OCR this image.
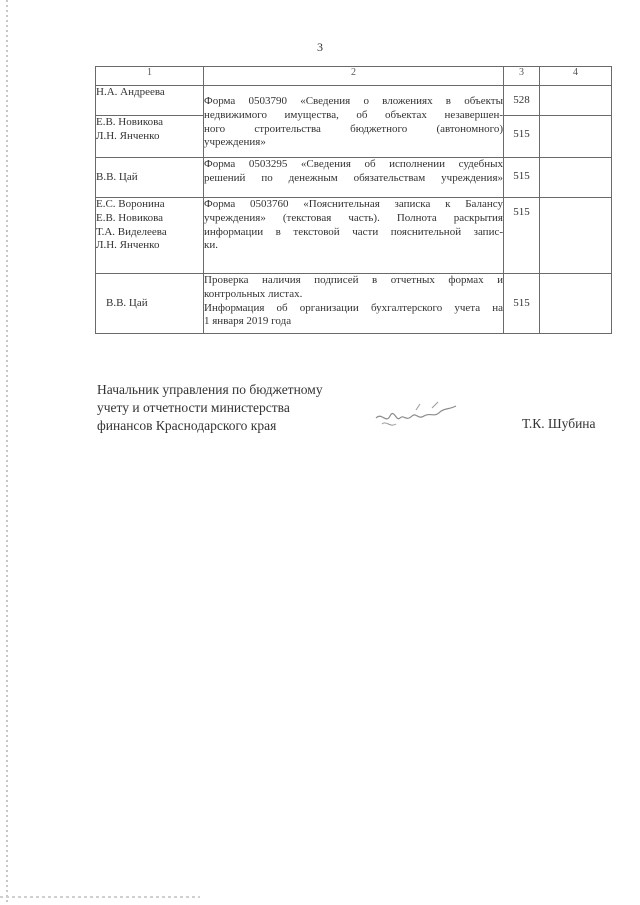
3
1	2	3	4

Н.А. Андреева	Форма 0503790 «Сведения о вложениях в объекты
недвижимого имущества, об объектах незавершен-
ного строительства бюджетного (автономного)
учреждения»	528	

Е.В. Новикова
Л.Н. Янченко		515	

В.В. Цай	Форма 0503295 «Сведения об исполнении судебных
решений по денежным обязательствам учреждения»	515	

Е.С. Воронина
Е.В. Новикова
Т.А. Виделеева
Л.Н. Янченко	Форма 0503760 «Пояснительная записка к Балансу
учреждения» (текстовая часть). Полнота раскрытия
информации в текстовой части пояснительной запис-
ки.	515	

В.В. Цай	Проверка наличия подписей в отчетных формах и
контрольных листах.
Информация об организации бухгалтерского учета на
1 января 2019 года	515	
Начальник управления по бюджетному
учету и отчетности министерства
финансов Краснодарского края	Т.К. Шубина
